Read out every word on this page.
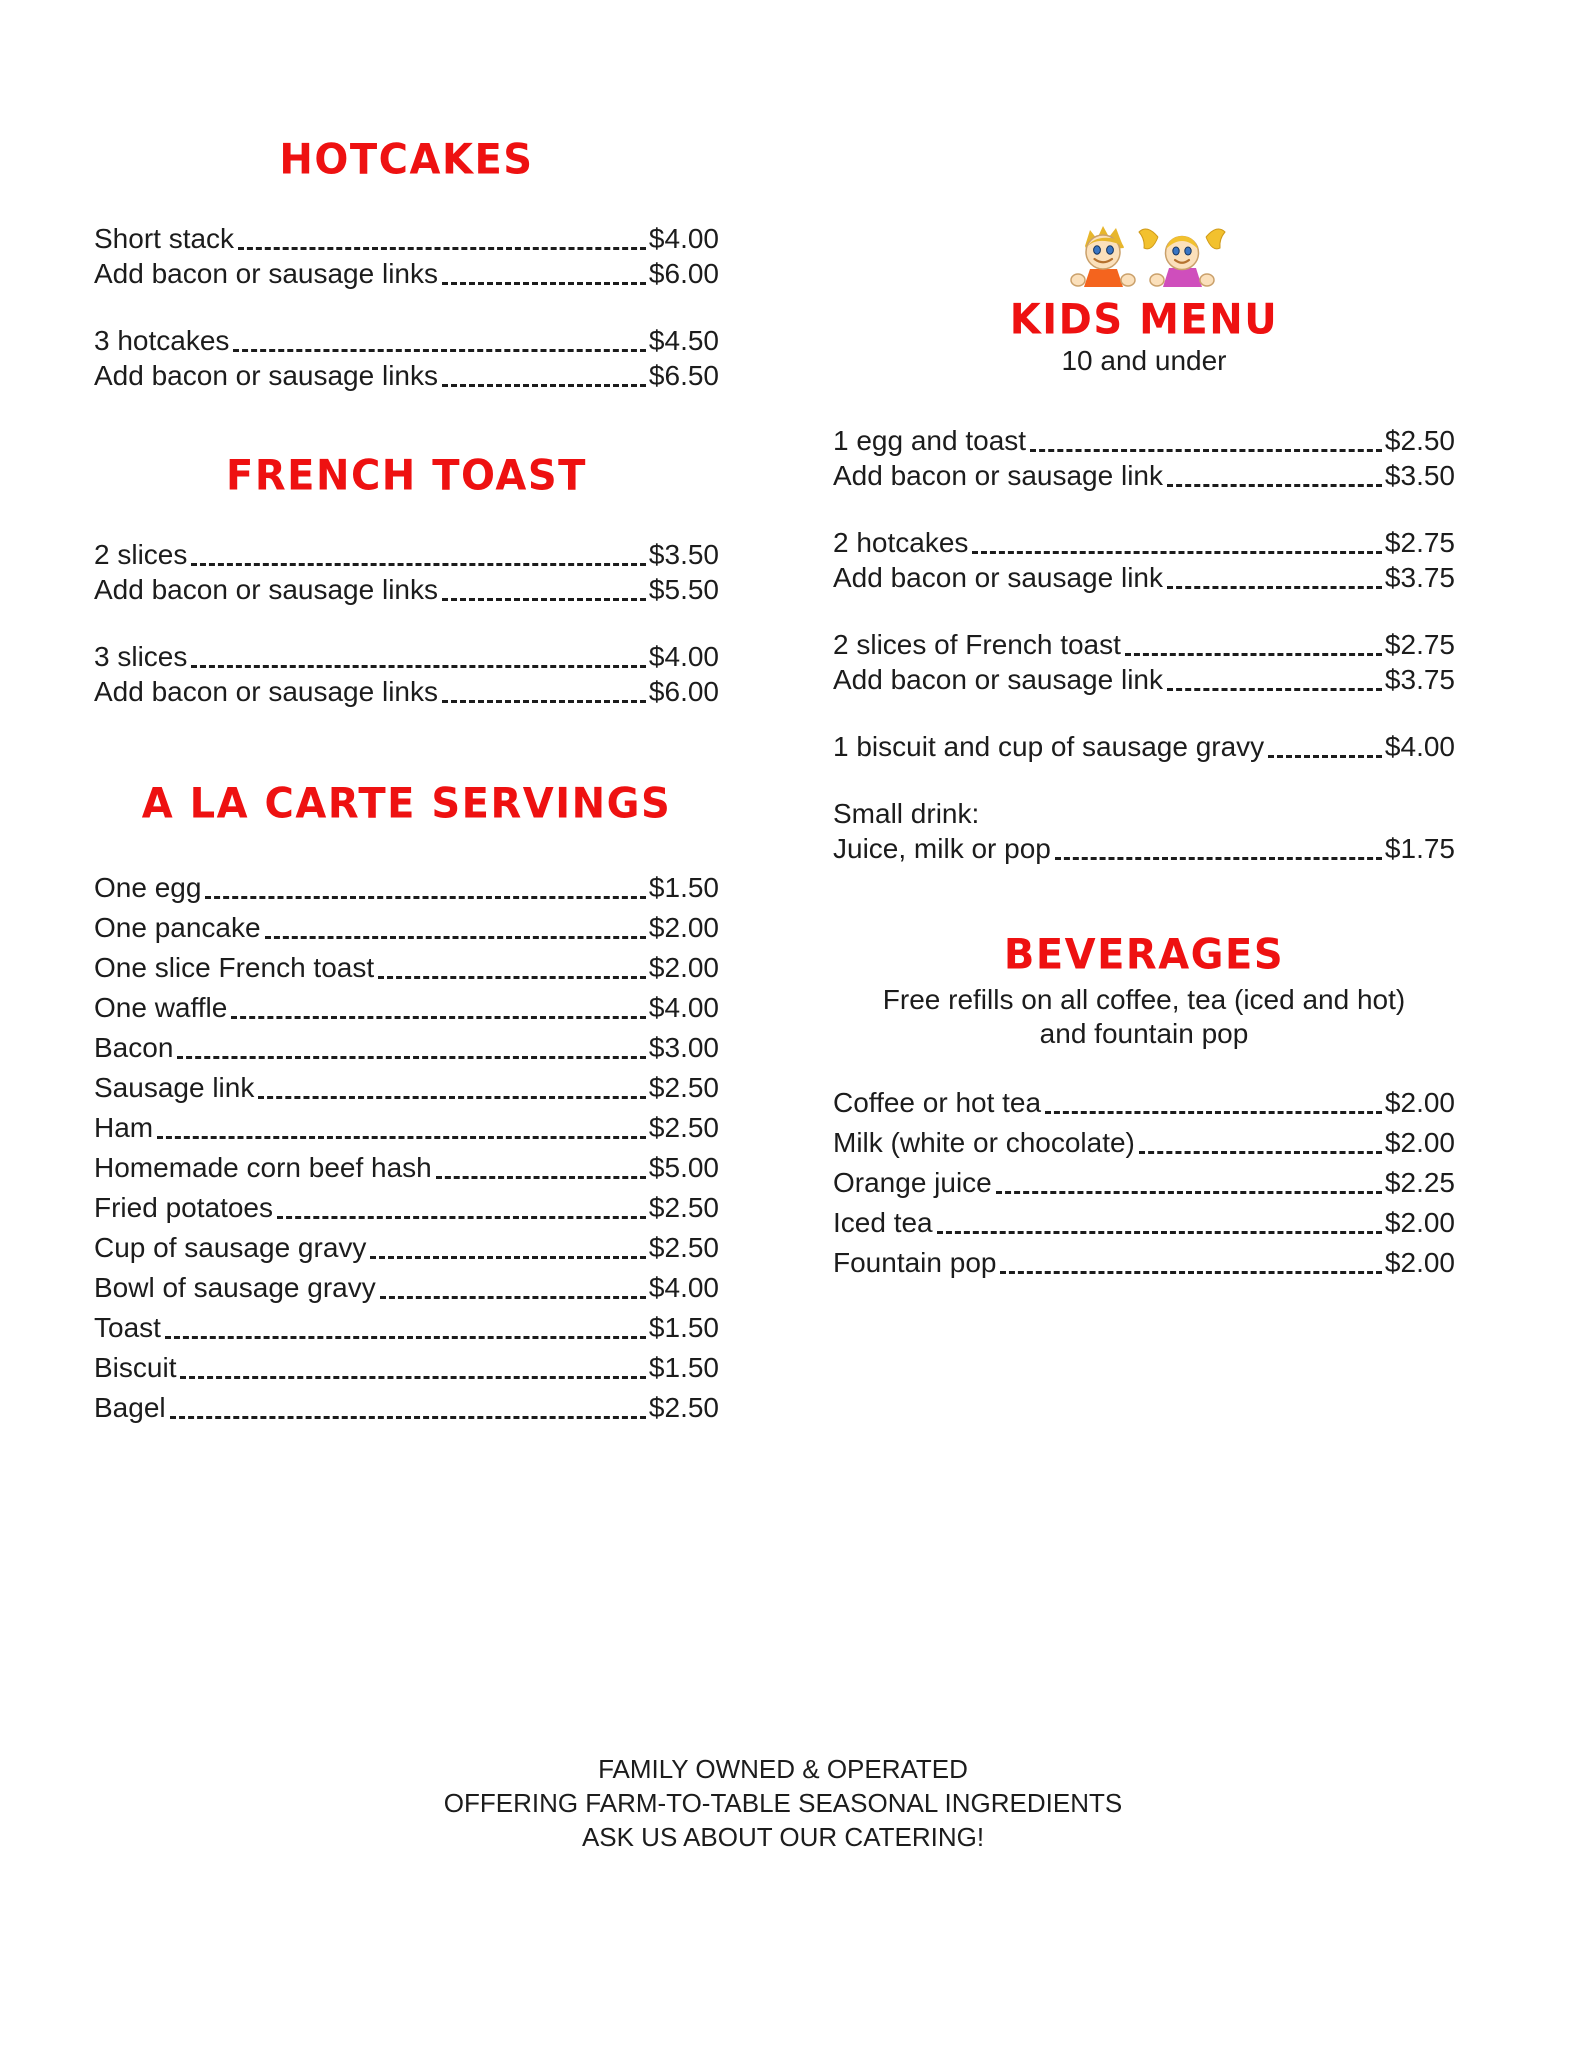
HOTCAKES
Short stack	$4.00
Add bacon or sausage links	$6.00
3 hotcakes	$4.50
Add bacon or sausage links	$6.50
FRENCH TOAST
2 slices	$3.50
Add bacon or sausage links	$5.50
3 slices	$4.00
Add bacon or sausage links	$6.00
A LA CARTE SERVINGS
One egg	$1.50
One pancake	$2.00
One slice French toast	$2.00
One waffle	$4.00
Bacon	$3.00
Sausage link	$2.50
Ham	$2.50
Homemade corn beef hash	$5.00
Fried potatoes	$2.50
Cup of sausage gravy	$2.50
Bowl of sausage gravy	$4.00
Toast	$1.50
Biscuit	$1.50
Bagel	$2.50
KIDS MENU
10 and under
1 egg and toast	$2.50
Add bacon or sausage link	$3.50
2 hotcakes	$2.75
Add bacon or sausage link	$3.75
2 slices of French toast	$2.75
Add bacon or sausage link	$3.75
1 biscuit and cup of sausage gravy	$4.00
Small drink:
Juice, milk or pop	$1.75
BEVERAGES
Free refills on all coffee, tea (iced and hot)
and fountain pop
Coffee or hot tea	$2.00
Milk (white or chocolate)	$2.00
Orange juice	$2.25
Iced tea	$2.00
Fountain pop	$2.00
FAMILY OWNED & OPERATED
OFFERING FARM-TO-TABLE SEASONAL INGREDIENTS
ASK US ABOUT OUR CATERING!
